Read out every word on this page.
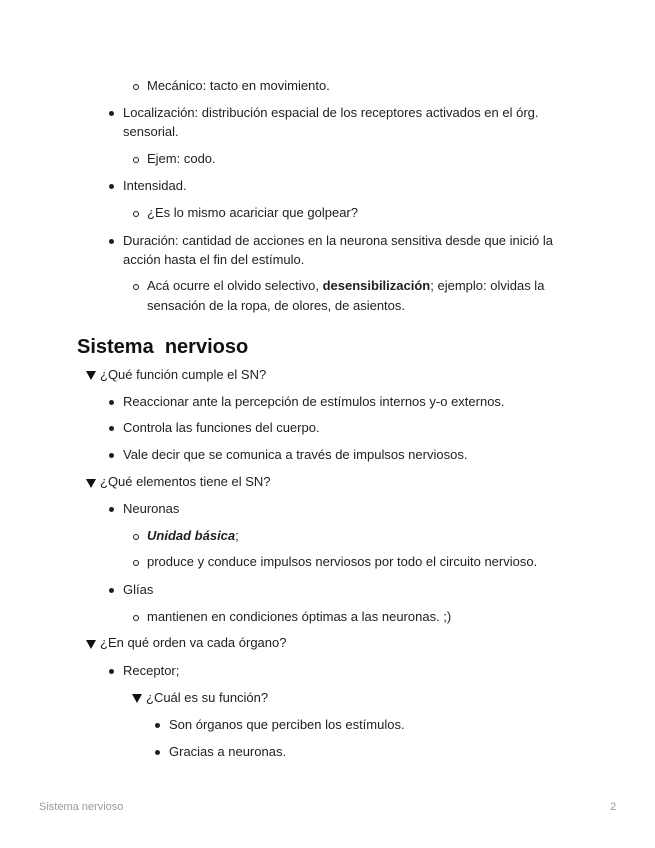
Mecánico: tacto en movimiento.
Localización: distribución espacial de los receptores activados en el órg.
sensorial.
Ejem: codo.
Intensidad.
¿Es lo mismo acariciar que golpear?
Duración: cantidad de acciones en la neurona sensitiva desde que inició la
acción hasta el fin del estímulo.
Acá ocurre el olvido selectivo, desensibilización; ejemplo: olvidas la
sensación de la ropa, de olores, de asientos.
Sistema  nervioso
¿Qué función cumple el SN?
Reaccionar ante la percepción de estímulos internos y-o externos.
Controla las funciones del cuerpo.
Vale decir que se comunica a través de impulsos nerviosos.
¿Qué elementos tiene el SN?
Neuronas
Unidad básica;
produce y conduce impulsos nerviosos por todo el circuito nervioso.
Glías
mantienen en condiciones óptimas a las neuronas. ;)
¿En qué orden va cada órgano?
Receptor;
¿Cuál es su función?
Son órganos que perciben los estímulos.
Gracias a neuronas.
Sistema nervioso	2
